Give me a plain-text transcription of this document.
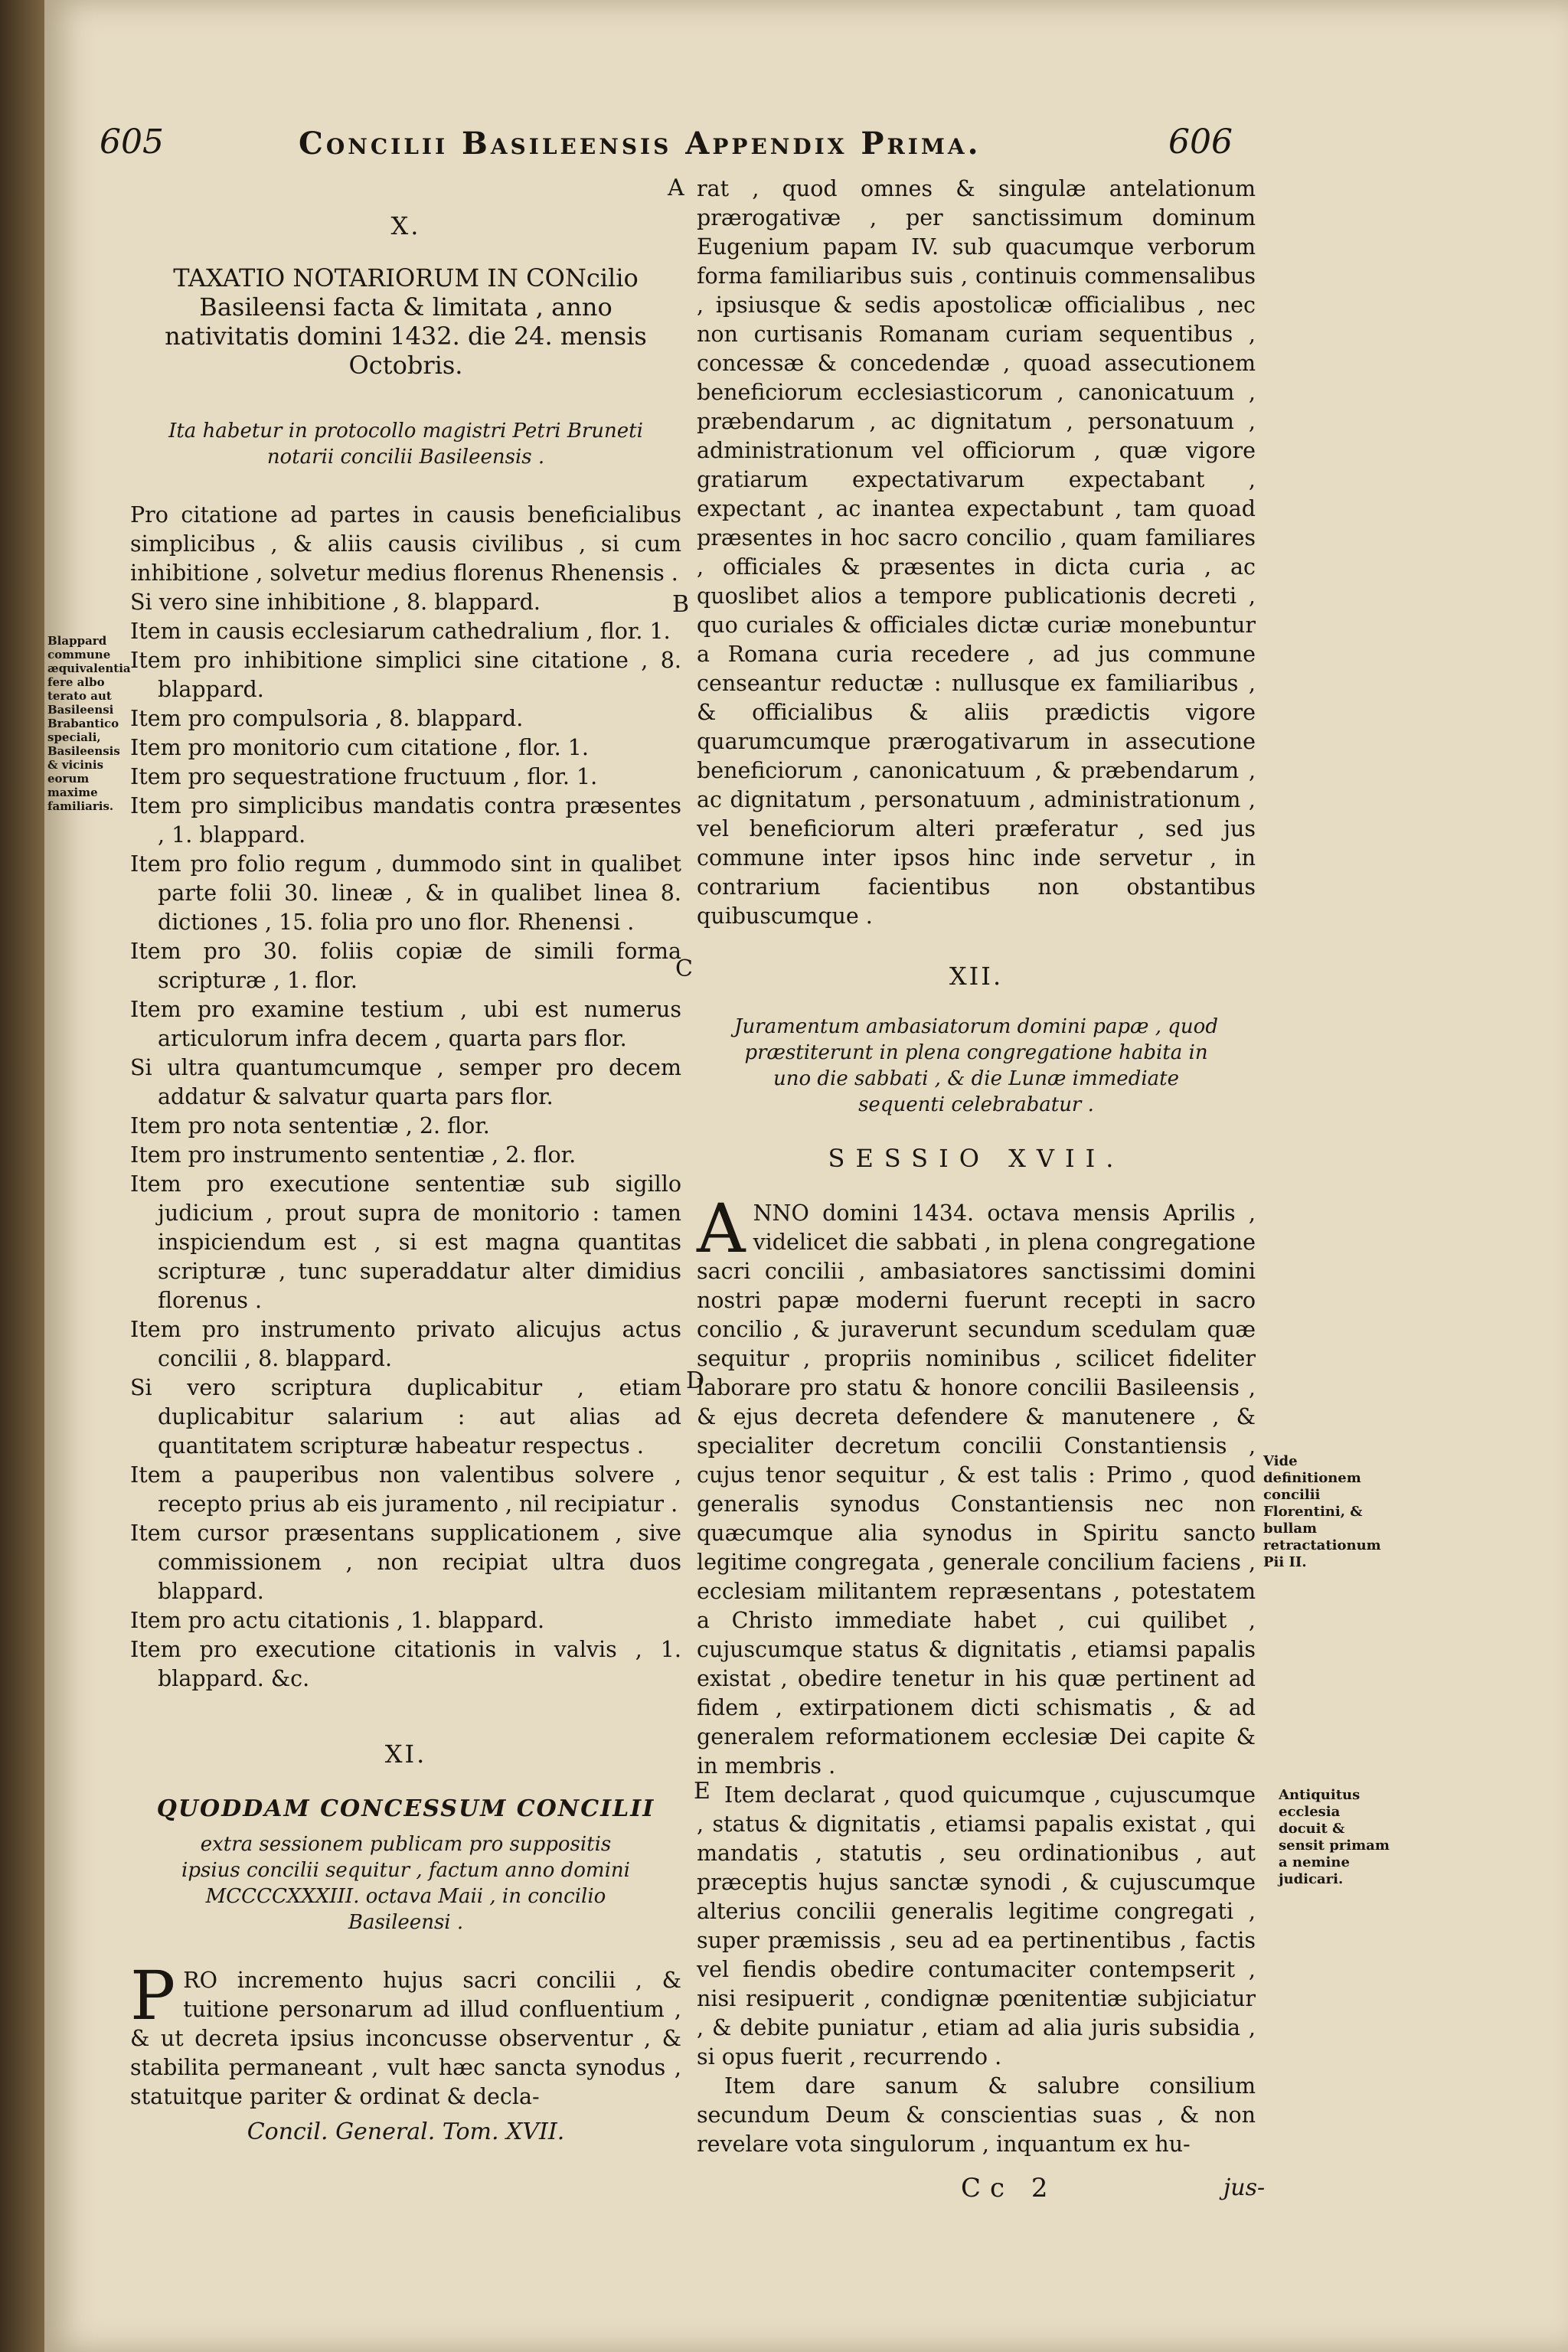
605	Concilii Basileensis Appendix Prima.	606
Blappard commune æquivalentia fere albo terato aut Basileensi Brabantico speciali, Basileensis & vicinis eorum maxime familiaris.
X.
TAXATIO NOTARIORUM IN CONcilio Basileensi facta & limitata , anno nativitatis domini 1432. die 24. mensis Octobris.
Ita habetur in protocollo magistri Petri Bruneti notarii concilii Basileensis .

Pro citatione ad partes in causis beneficialibus simplicibus , & aliis causis civilibus , si cum inhibitione , solvetur medius florenus Rhenensis .

Si vero sine inhibitione , 8. blappard.

Item in causis ecclesiarum cathedralium , flor. 1.

Item pro inhibitione simplici sine citatione , 8. blappard.

Item pro compulsoria , 8. blappard.

Item pro monitorio cum citatione , flor. 1.

Item pro sequestratione fructuum , flor. 1.

Item pro simplicibus mandatis contra præsentes , 1. blappard.

Item pro folio regum , dummodo sint in qualibet parte folii 30. lineæ , & in qualibet linea 8. dictiones , 15. folia pro uno flor. Rhenensi .

Item pro 30. foliis copiæ de simili forma scripturæ , 1. flor.

Item pro examine testium , ubi est numerus articulorum infra decem , quarta pars flor.

Si ultra quantumcumque , semper pro decem addatur & salvatur quarta pars flor.

Item pro nota sententiæ , 2. flor.

Item pro instrumento sententiæ , 2. flor.

Item pro executione sententiæ sub sigillo judicium , prout supra de monitorio : tamen inspiciendum est , si est magna quantitas scripturæ , tunc superaddatur alter dimidius florenus .

Item pro instrumento privato alicujus actus concilii , 8. blappard.

Si vero scriptura duplicabitur , etiam duplicabitur salarium : aut alias ad quantitatem scripturæ habeatur respectus .

Item a pauperibus non valentibus solvere , recepto prius ab eis juramento , nil recipiatur .

Item cursor præsentans supplicationem , sive commissionem , non recipiat ultra duos blappard.

Item pro actu citationis , 1. blappard.

Item pro executione citationis in valvis , 1. blappard. &c.

XI.
QUODDAM CONCESSUM CONCILII
extra sessionem publicam pro suppositis ipsius concilii sequitur , factum anno domini MCCCCXXXIII. octava Maii , in concilio Basileensi .

PRO incremento hujus sacri concilii , & tuitione personarum ad illud confluentium , & ut decreta ipsius inconcusse observentur , & stabilita permaneant , vult hæc sancta synodus , statuitque pariter & ordinat & decla-

Concil. General. Tom. XVII.

rat , quod omnes & singulæ antelationum prærogativæ , per sanctissimum dominum Eugenium papam IV. sub quacumque verborum forma familiaribus suis , continuis commensalibus , ipsiusque & sedis apostolicæ officialibus , nec non curtisanis Romanam curiam sequentibus , concessæ & concedendæ , quoad assecutionem beneficiorum ecclesiasticorum , canonicatuum , præbendarum , ac dignitatum , personatuum , administrationum vel officiorum , quæ vigore gratiarum expectativarum expectabant , expectant , ac inantea expectabunt , tam quoad præsentes in hoc sacro concilio , quam familiares , officiales & præsentes in dicta curia , ac quoslibet alios a tempore publicationis decreti , quo curiales & officiales dictæ curiæ monebuntur a Romana curia recedere , ad jus commune censeantur reductæ : nullusque ex familiaribus , & officialibus & aliis prædictis vigore quarumcumque prærogativarum in assecutione beneficiorum , canonicatuum , & præbendarum , ac dignitatum , personatuum , administrationum , vel beneficiorum alteri præferatur , sed jus commune inter ipsos hinc inde servetur , in contrarium facientibus non obstantibus quibuscumque .

XII.
Juramentum ambasiatorum domini papæ , quod præstiterunt in plena congregatione habita in uno die sabbati , & die Lunæ immediate sequenti celebrabatur .
SESSIO XVII.

ANNO domini 1434. octava mensis Aprilis , videlicet die sabbati , in plena congregatione sacri concilii , ambasiatores sanctissimi domini nostri papæ moderni fuerunt recepti in sacro concilio , & juraverunt secundum scedulam quæ sequitur , propriis nominibus , scilicet fideliter laborare pro statu & honore concilii Basileensis , & ejus decreta defendere & manutenere , & specialiter decretum concilii Constantiensis , cujus tenor sequitur , & est talis : Primo , quod generalis synodus Constantiensis nec non quæcumque alia synodus in Spiritu sancto legitime congregata , generale concilium faciens , ecclesiam militantem repræsentans , potestatem a Christo immediate habet , cui quilibet , cujuscumque status & dignitatis , etiamsi papalis existat , obedire tenetur in his quæ pertinent ad fidem , extirpationem dicti schismatis , & ad generalem reformationem ecclesiæ Dei capite & in membris .

Item declarat , quod quicumque , cujuscumque , status & dignitatis , etiamsi papalis existat , qui mandatis , statutis , seu ordinationibus , aut præceptis hujus sanctæ synodi , & cujuscumque alterius concilii generalis legitime congregati , super præmissis , seu ad ea pertinentibus , factis vel fiendis obedire contumaciter contempserit , nisi resipuerit , condignæ pœnitentiæ subjiciatur , & debite puniatur , etiam ad alia juris subsidia , si opus fuerit , recurrendo .

Item dare sanum & salubre consilium secundum Deum & conscientias suas , & non revelare vota singulorum , inquantum ex hu-

Cc 2	jus-
A
B
C
D
E
Vide definitionem concilii Florentini, & bullam retractationum Pii II.
Antiquitus ecclesia docuit & sensit primam a nemine judicari.
